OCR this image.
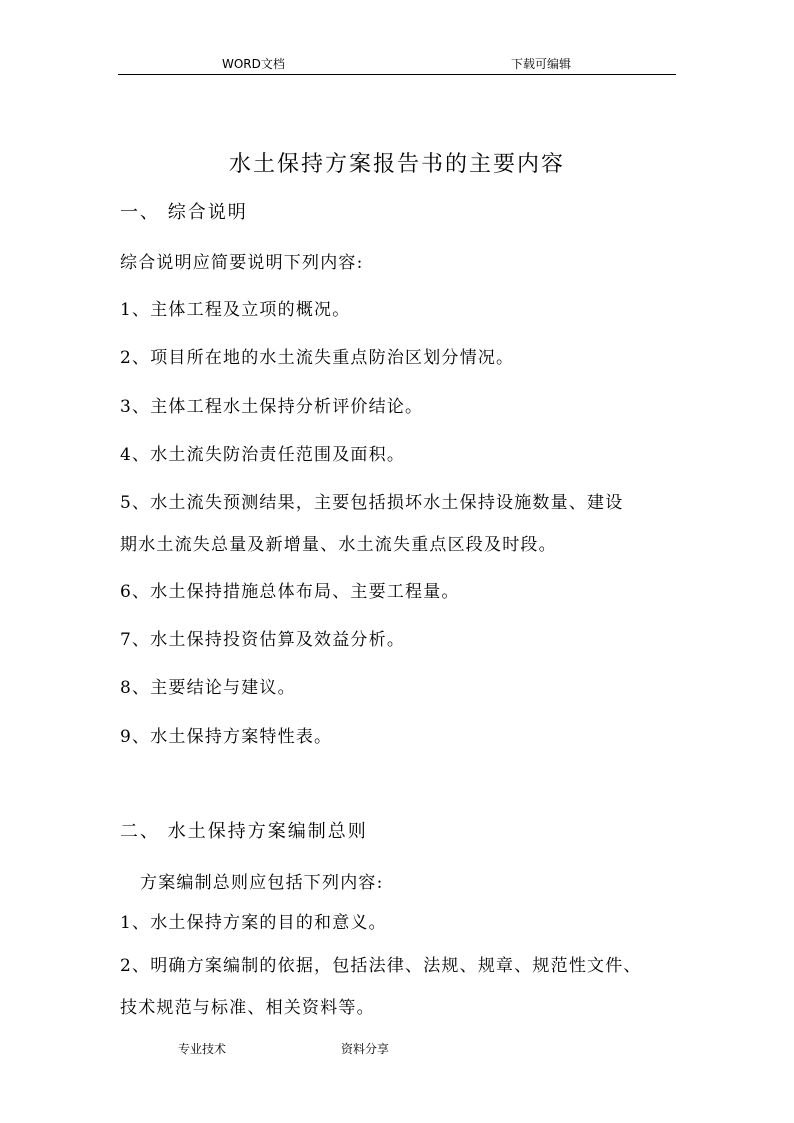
WORD文档	下载可编辑
水土保持方案报告书的主要内容
一、 综合说明
综合说明应简要说明下列内容:
1、主体工程及立项的概况。
2、项目所在地的水土流失重点防治区划分情况。
3、主体工程水土保持分析评价结论。
4、水土流失防治责任范围及面积。
5、水土流失预测结果，主要包括损坏水土保持设施数量、建设
期水土流失总量及新增量、水土流失重点区段及时段。
6、水土保持措施总体布局、主要工程量。
7、水土保持投资估算及效益分析。
8、主要结论与建议。
9、水土保持方案特性表。
二、 水土保持方案编制总则
方案编制总则应包括下列内容:
1、水土保持方案的目的和意义。
2、明确方案编制的依据，包括法律、法规、规章、规范性文件、
技术规范与标准、相关资料等。
专业技术	资料分享
